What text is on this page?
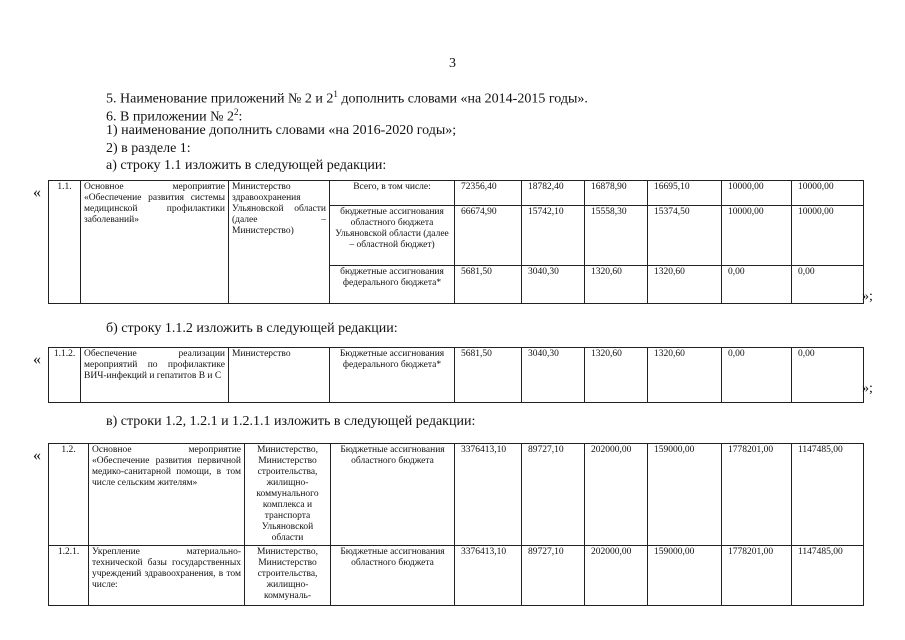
3
5. Наименование приложений № 2 и $2^1$ дополнить словами «на 2014-2015 годы».
6. В приложении № $2^2$:
1) наименование дополнить словами «на 2016-2020 годы»;
2) в разделе 1:
а) строку 1.1 изложить в следующей редакции:
« 1.1.	Основное мероприятие «Обеспечение развития системы медицинской профилактики заболеваний»	Министерство здравоохранения Ульяновской области (далее – Министерство)	Всего, в том числе:	72356,40	18782,40	16878,90	16695,10	10000,00	10000,00
			бюджетные ассигнования областного бюджета Ульяновской области (далее – областной бюджет)	66674,90	15742,10	15558,30	15374,50	10000,00	10000,00
			бюджетные ассигнования федерального бюджета*	5681,50	3040,30	1320,60	1320,60	0,00	0,00
»;
б) строку 1.1.2 изложить в следующей редакции:
« 1.1.2.	Обеспечение реализации мероприятий по профилактике ВИЧ-инфекций и гепатитов В и С	Министерство	Бюджетные ассигнования федерального бюджета*	5681,50	3040,30	1320,60	1320,60	0,00	0,00
»;
в) строки 1.2, 1.2.1 и 1.2.1.1 изложить в следующей редакции:
« 1.2.	Основное мероприятие «Обеспечение развития первичной медико-санитарной помощи, в том числе сельским жителям»	Министерство, Министерство строительства, жилищно-коммунального комплекса и транспорта Ульяновской области	Бюджетные ассигнования областного бюджета	3376413,10	89727,10	202000,00	159000,00	1778201,00	1147485,00
1.2.1.	Укрепление материально-технической базы государственных учреждений здравоохранения, в том числе:	Министерство, Министерство строительства, жилищно-коммуналь-	Бюджетные ассигнования областного бюджета	3376413,10	89727,10	202000,00	159000,00	1778201,00	1147485,00
